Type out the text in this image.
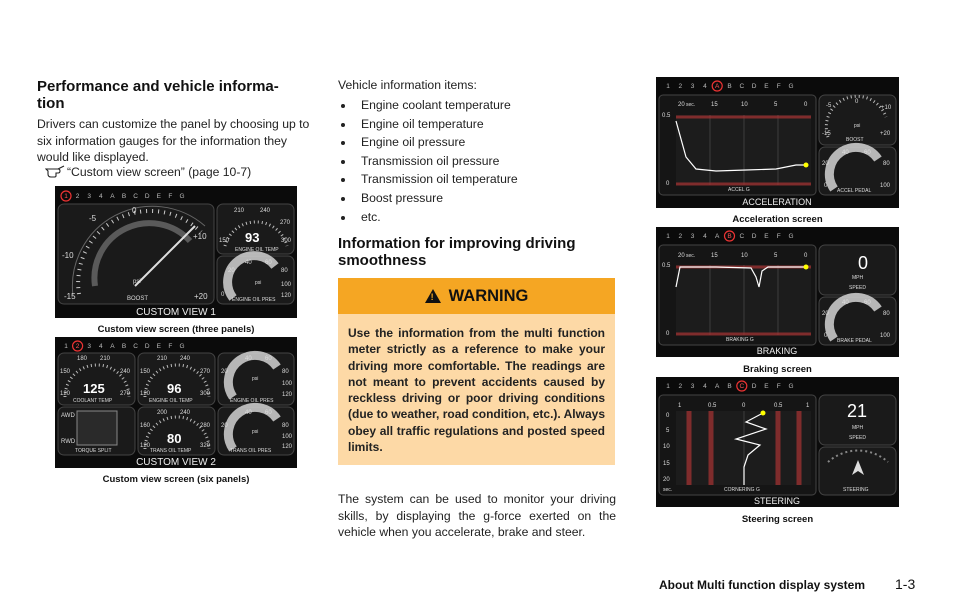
Performance and vehicle informa-
tion
Drivers can customize the panel by choosing up to six information gauges for the information they would like displayed.
“Custom view screen” (page 10-7)
1 2 3 4 A B C D E F G
-5
0
+10
-10
-15	+20
psi
BOOST
210	240
270
150	300
93
ENGINE OIL TEMP
40 60
20	80
100
0	120
psi
ENGINE OIL PRES
CUSTOM VIEW 1
Custom view screen (three panels)
1 2 3 4 A B C D E F G
180 210
150	240
120	270
125
COOLANT TEMP
210 240
150	270
120	300
96
ENGINE OIL TEMP
40 60
20	80
100
120
psi
ENGINE OIL PRES
AWD
RWD
TORQUE SPLIT
200 240
160	280
120	320
80
TRANS OIL TEMP
40 60
20	80
100
120
psi
TRANS OIL PRES
CUSTOM VIEW 2
Custom view screen (six panels)
Vehicle information items:
Engine coolant temperature
Engine oil temperature
Engine oil pressure
Transmission oil pressure
Transmission oil temperature
Boost pressure
etc.
Information for improving driving
smoothness
! WARNING
Use the information from the multi function meter strictly as a reference to make your driving more comfortable. The readings are not meant to prevent accidents caused by reckless driving or poor driving conditions (due to weather, road condition, etc.). Always obey all traffic regulations and posted speed limits.
The system can be used to monitor your driving skills, by displaying the g-force exerted on the vehicle when you accelerate, brake and steer.
1 2 3 4 A B C D E F G
20 sec.	15	10	5	0
0.5
0
ACCEL G
-5
0
+10
-15	+20
psi
BOOST
40	60
20	80
0	100
ACCEL PEDAL
ACCELERATION
Acceleration screen
1 2 3 4 A B C D E F G
20 sec.	15	10	5	0
0.5
0
BRAKING G
0
MPH
SPEED
40	60
20	80
0	100
BRAKE PEDAL
BRAKING
Braking screen
1 2 3 4 A B C D E F G
1	0.5	0	0.5	1
0
5
10
15
20
sec.	CORNERING G
21
MPH
SPEED
STEERING
STEERING
Steering screen
About Multi function display system 1-3
